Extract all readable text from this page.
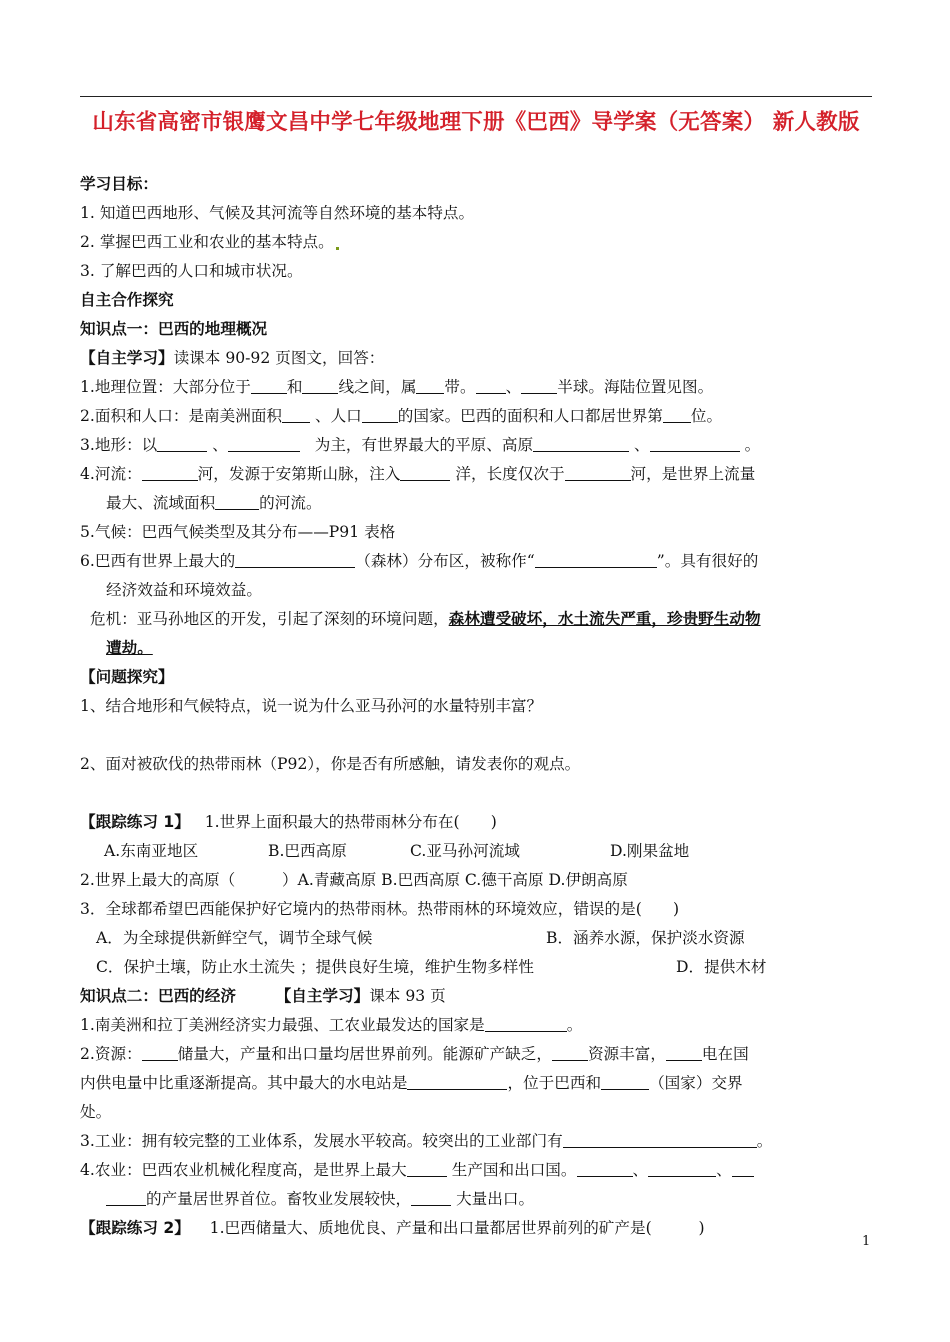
山东省高密市银鹰文昌中学七年级地理下册《巴西》导学案（无答案） 新人教版
学习目标：
1. 知道巴西地形、气候及其河流等自然环境的基本特点。
2. 掌握巴西工业和农业的基本特点。
3. 了解巴西的人口和城市状况。
自主合作探究
知识点一：巴西的地理概况
【自主学习】读课本 90-92 页图文，回答：
1.地理位置：大部分位于 和 线之间，属 带。 、 半球。海陆位置见图。
2.面积和人口：是南美洲面积 、人口 的国家。巴西的面积和人口都居世界第 位。
3.地形：以	、	为主，有世界最大的平原、高原	、	。
4.河流：	河，发源于安第斯山脉，注入	洋，长度仅次于	河，是世界上流量
最大、流域面积	的河流。
5.气候：巴西气候类型及其分布——P91 表格
6.巴西有世界上最大的	（森林）分布区，被称作“	”。具有很好的
经济效益和环境效益。
危机：亚马孙地区的开发，引起了深刻的环境问题，森林遭受破坏，水土流失严重，珍贵野生动物
遭劫。
【问题探究】
1、结合地形和气候特点，说一说为什么亚马孙河的水量特别丰富？
2、面对被砍伐的热带雨林（P92），你是否有所感触，请发表你的观点。
【跟踪练习 1】 1.世界上面积最大的热带雨林分布在(　　)
A.东南亚地区	B.巴西高原	C.亚马孙河流域	D.刚果盆地
2.世界上最大的高原（　　　）A.青藏高原 B.巴西高原 C.德干高原 D.伊朗高原
3．全球都希望巴西能保护好它境内的热带雨林。热带雨林的环境效应，错误的是(　　)
A．为全球提供新鲜空气，调节全球气候	B．涵养水源，保护淡水资源
C．保护土壤，防止水土流失 ；提供良好生境，维护生物多样性	D．提供木材
知识点二：巴西的经济	【自主学习】课本 93 页
1.南美洲和拉丁美洲经济实力最强、工农业最发达的国家是	。
2.资源： 储量大，产量和出口量均居世界前列。能源矿产缺乏， 资源丰富， 电在国
内供电量中比重逐渐提高。其中最大的水电站是	，位于巴西和	（国家）交界
处。
3.工业：拥有较完整的工业体系，发展水平较高。较突出的工业部门有	。
4.农业：巴西农业机械化程度高，是世界上最大	生产国和出口国。	、	、
的产量居世界首位。畜牧业发展较快，	大量出口。
【跟踪练习 2】 1.巴西储量大、质地优良、产量和出口量都居世界前列的矿产是(　　　)
1
